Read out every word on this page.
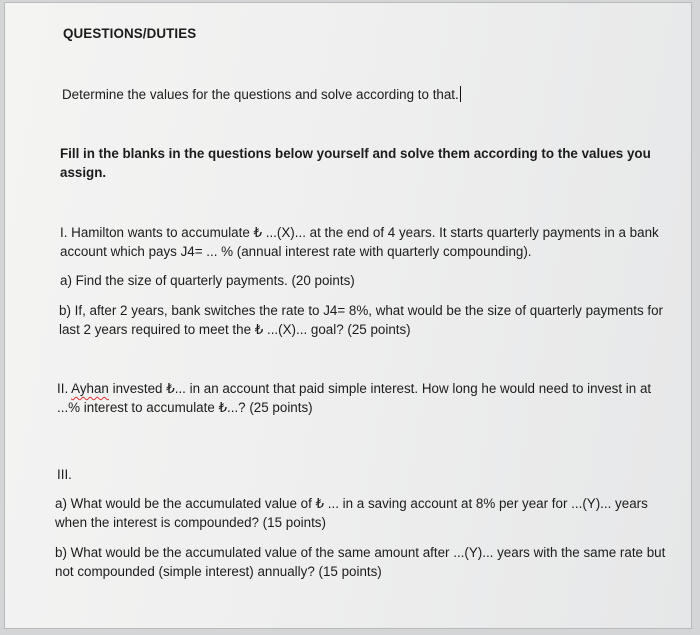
QUESTIONS/DUTIES

Determine the values for the questions and solve according to that.

Fill in the blanks in the questions below yourself and solve them according to the values you assign.

I. Hamilton wants to accumulate ₺ ...(X)... at the end of 4 years. It starts quarterly payments in a bank account which pays J4= ... % (annual interest rate with quarterly compounding).

a) Find the size of quarterly payments. (20 points)

b) If, after 2 years, bank switches the rate to J4= 8%, what would be the size of quarterly payments for last 2 years required to meet the ₺ ...(X)... goal? (25 points)

II. Ayhan invested ₺... in an account that paid simple interest. How long he would need to invest in at ...% interest to accumulate ₺...? (25 points)

III.

a) What would be the accumulated value of ₺ ... in a saving account at 8% per year for ...(Y)... years when the interest is compounded? (15 points)

b) What would be the accumulated value of the same amount after ...(Y)... years with the same rate but not compounded (simple interest) annually? (15 points)
